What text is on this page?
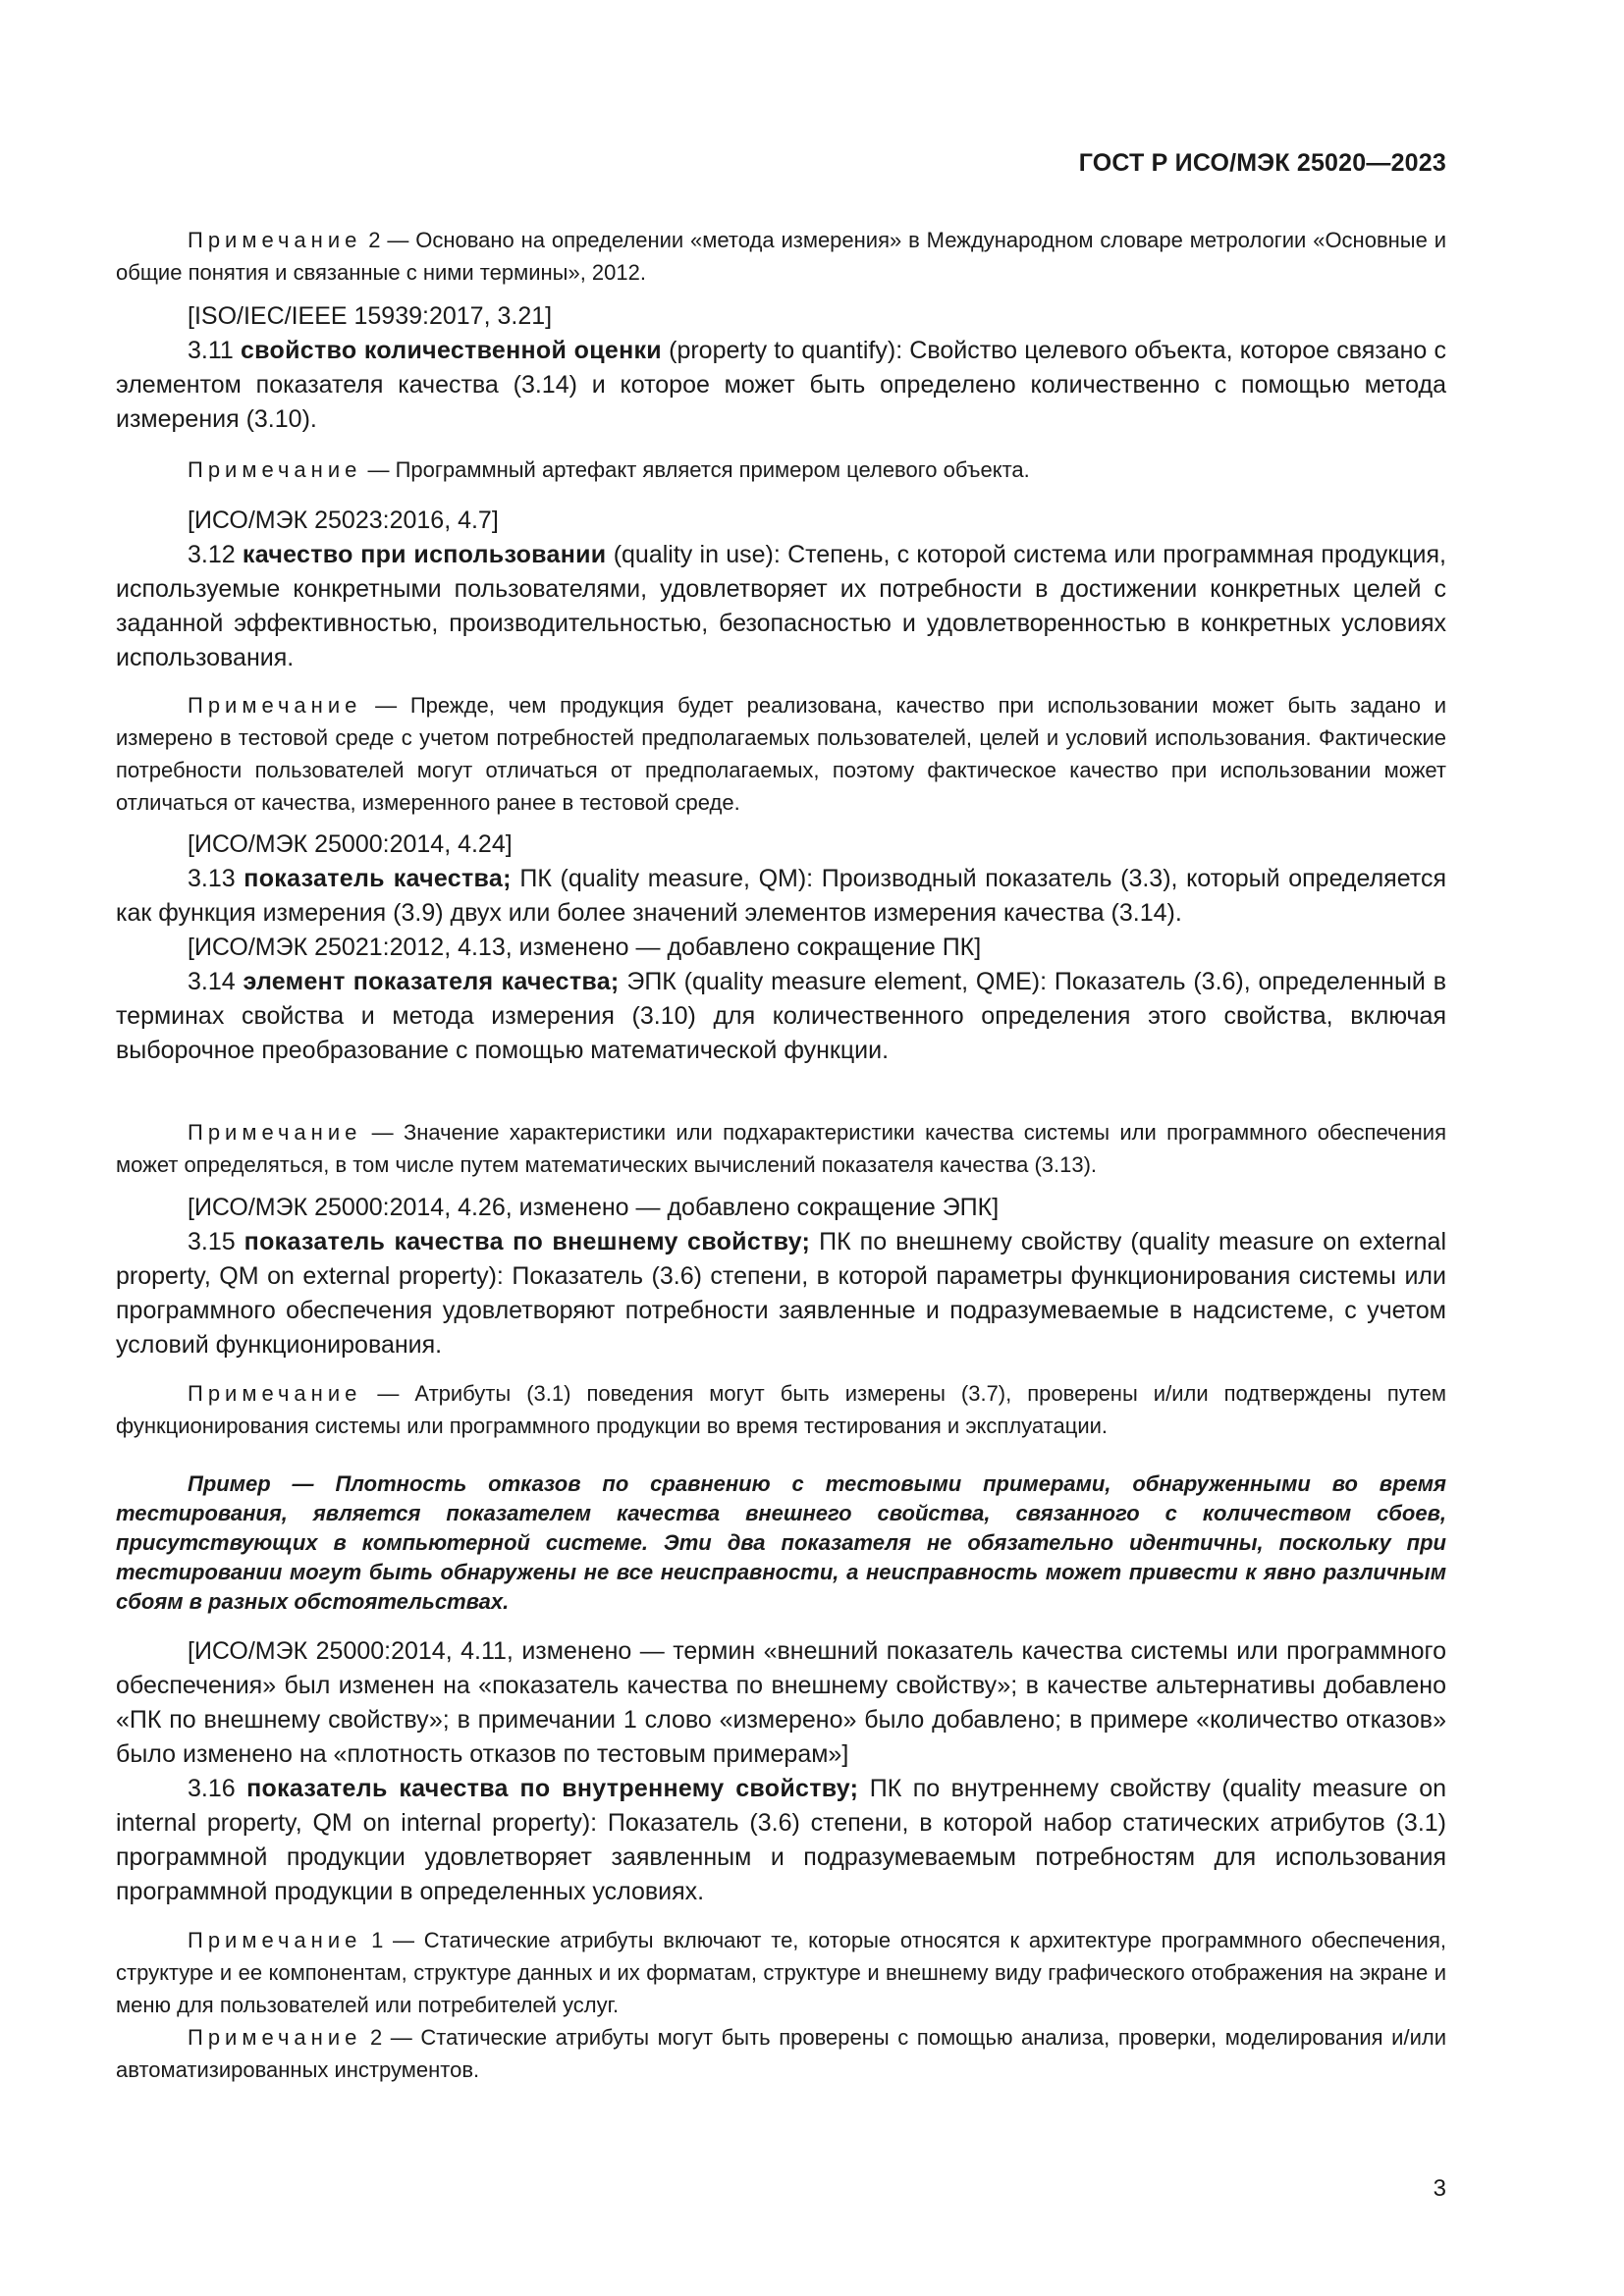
ГОСТ Р ИСО/МЭК 25020—2023

Примечание 2 — Основано на определении «метода измерения» в Международном словаре метрологии «Основные и общие понятия и связанные с ними термины», 2012.

[ISO/IEC/IEEE 15939:2017, 3.21]

3.11 свойство количественной оценки (property to quantify): Свойство целевого объекта, которое связано с элементом показателя качества (3.14) и которое может быть определено количественно с помощью метода измерения (3.10).

Примечание — Программный артефакт является примером целевого объекта.

[ИСО/МЭК 25023:2016, 4.7]

3.12 качество при использовании (quality in use): Степень, с которой система или программная продукция, используемые конкретными пользователями, удовлетворяет их потребности в достижении конкретных целей с заданной эффективностью, производительностью, безопасностью и удовлетворенностью в конкретных условиях использования.

Примечание — Прежде, чем продукция будет реализована, качество при использовании может быть задано и измерено в тестовой среде с учетом потребностей предполагаемых пользователей, целей и условий использования. Фактические потребности пользователей могут отличаться от предполагаемых, поэтому фактическое качество при использовании может отличаться от качества, измеренного ранее в тестовой среде.

[ИСО/МЭК 25000:2014, 4.24]

3.13 показатель качества; ПК (quality measure, QM): Производный показатель (3.3), который определяется как функция измерения (3.9) двух или более значений элементов измерения качества (3.14).

[ИСО/МЭК 25021:2012, 4.13, изменено — добавлено сокращение ПК]

3.14 элемент показателя качества; ЭПК (quality measure element, QME): Показатель (3.6), определенный в терминах свойства и метода измерения (3.10) для количественного определения этого свойства, включая выборочное преобразование с помощью математической функции.

Примечание — Значение характеристики или подхарактеристики качества системы или программного обеспечения может определяться, в том числе путем математических вычислений показателя качества (3.13).

[ИСО/МЭК 25000:2014, 4.26, изменено — добавлено сокращение ЭПК]

3.15 показатель качества по внешнему свойству; ПК по внешнему свойству (quality measure on external property, QM on external property): Показатель (3.6) степени, в которой параметры функционирования системы или программного обеспечения удовлетворяют потребности заявленные и подразумеваемые в надсистеме, с учетом условий функционирования.

Примечание — Атрибуты (3.1) поведения могут быть измерены (3.7), проверены и/или подтверждены путем функционирования системы или программного продукции во время тестирования и эксплуатации.

Пример — Плотность отказов по сравнению с тестовыми примерами, обнаруженными во время тестирования, является показателем качества внешнего свойства, связанного с количеством сбоев, присутствующих в компьютерной системе. Эти два показателя не обязательно идентичны, поскольку при тестировании могут быть обнаружены не все неисправности, а неисправность может привести к явно различным сбоям в разных обстоятельствах.

[ИСО/МЭК 25000:2014, 4.11, изменено — термин «внешний показатель качества системы или программного обеспечения» был изменен на «показатель качества по внешнему свойству»; в качестве альтернативы добавлено «ПК по внешнему свойству»; в примечании 1 слово «измерено» было добавлено; в примере «количество отказов» было изменено на «плотность отказов по тестовым примерам»]

3.16 показатель качества по внутреннему свойству; ПК по внутреннему свойству (quality measure on internal property, QM on internal property): Показатель (3.6) степени, в которой набор статических атрибутов (3.1) программной продукции удовлетворяет заявленным и подразумеваемым потребностям для использования программной продукции в определенных условиях.

Примечание 1 — Статические атрибуты включают те, которые относятся к архитектуре программного обеспечения, структуре и ее компонентам, структуре данных и их форматам, структуре и внешнему виду графического отображения на экране и меню для пользователей или потребителей услуг.

Примечание 2 — Статические атрибуты могут быть проверены с помощью анализа, проверки, моделирования и/или автоматизированных инструментов.

3
